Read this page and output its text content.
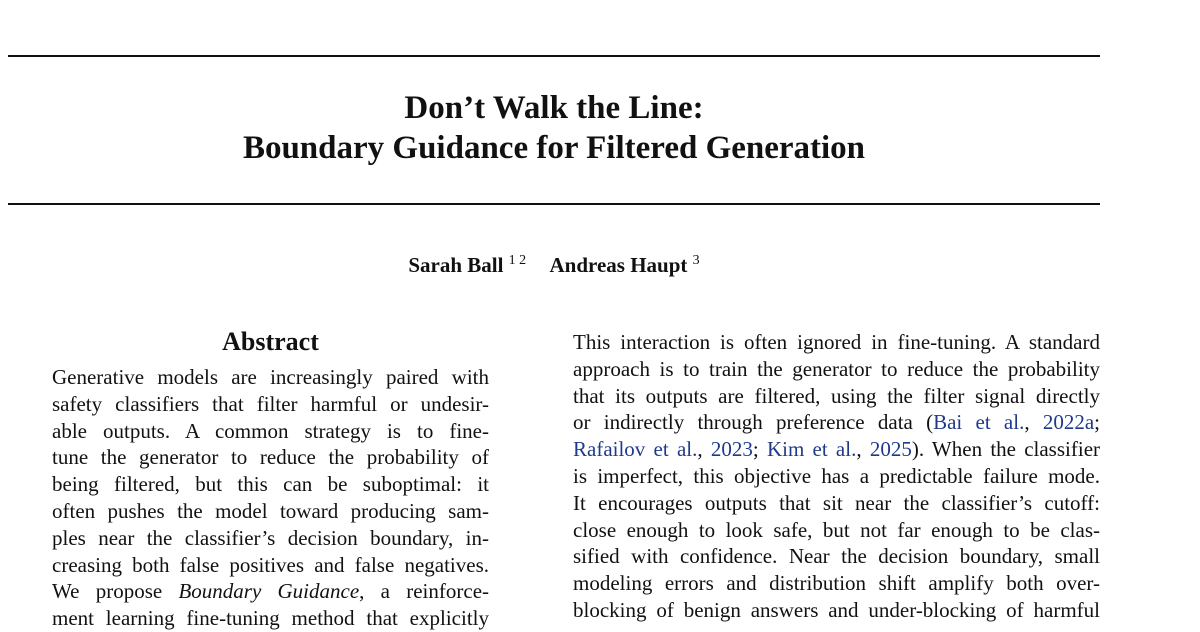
Don’t Walk the Line:
Boundary Guidance for Filtered Generation
Sarah Ball $^{1 2}$ Andreas Haupt $^3$
Abstract
Generative models are increasingly paired with
safety classifiers that filter harmful or undesir-
able outputs. A common strategy is to fine-
tune the generator to reduce the probability of
being filtered, but this can be suboptimal: it
often pushes the model toward producing sam-
ples near the classifier’s decision boundary, in-
creasing both false positives and false negatives.
We propose Boundary Guidance, a reinforce-
ment learning fine-tuning method that explicitly
This interaction is often ignored in fine-tuning. A standard
approach is to train the generator to reduce the probability
that its outputs are filtered, using the filter signal directly
or indirectly through preference data (Bai et al., 2022a;
Rafailov et al., 2023; Kim et al., 2025). When the classifier
is imperfect, this objective has a predictable failure mode.
It encourages outputs that sit near the classifier’s cutoff:
close enough to look safe, but not far enough to be clas-
sified with confidence. Near the decision boundary, small
modeling errors and distribution shift amplify both over-
blocking of benign answers and under-blocking of harmful
